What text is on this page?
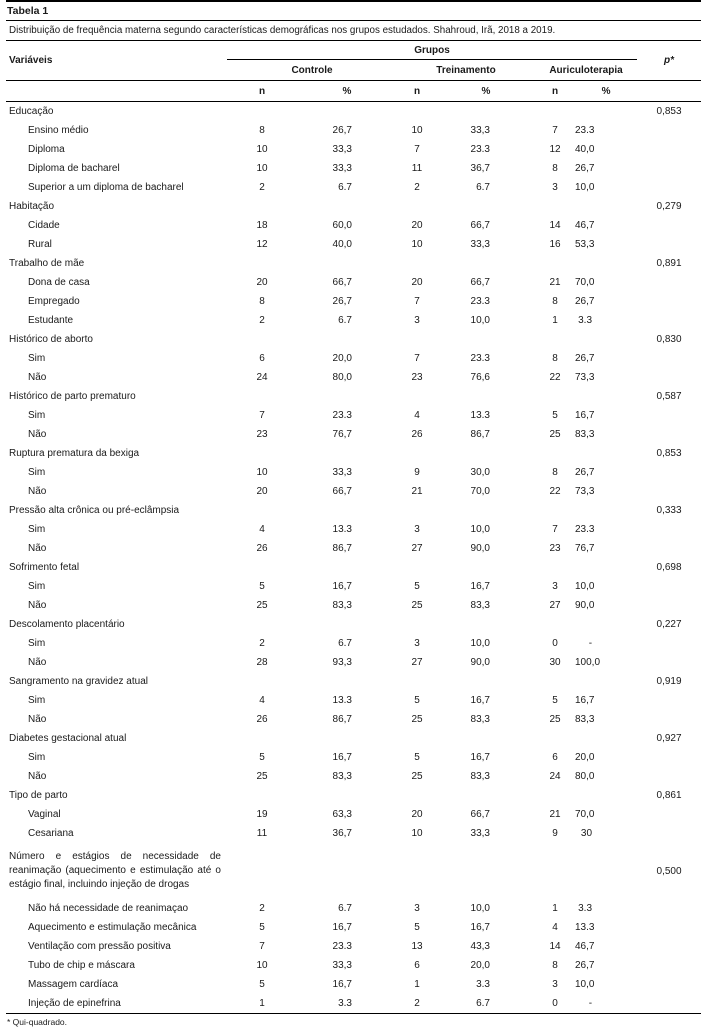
Tabela 1
Distribuição de frequência materna segundo características demográficas nos grupos estudados. Shahroud, Irã, 2018 a 2019.
Variáveis	Grupos						p*
	Controle		Treinamento		Auriculoterapia		
	n	%	n	%	n	%	
Educação							0,853
Ensino médio	8	26,7	10	33,3	7	23.3	
Diploma	10	33,3	7	23.3	12	40,0	
Diploma de bacharel	10	33,3	11	36,7	8	26,7	
Superior a um diploma de bacharel	2	6.7	2	6.7	3	10,0	
Habitação							0,279
Cidade	18	60,0	20	66,7	14	46,7	
Rural	12	40,0	10	33,3	16	53,3	
Trabalho de mãe							0,891
Dona de casa	20	66,7	20	66,7	21	70,0	
Empregado	8	26,7	7	23.3	8	26,7	
Estudante	2	6.7	3	10,0	1	3.3	
Histórico de aborto							0,830
Sim	6	20,0	7	23.3	8	26,7	
Não	24	80,0	23	76,6	22	73,3	
Histórico de parto prematuro							0,587
Sim	7	23.3	4	13.3	5	16,7	
Não	23	76,7	26	86,7	25	83,3	
Ruptura prematura da bexiga							0,853
Sim	10	33,3	9	30,0	8	26,7	
Não	20	66,7	21	70,0	22	73,3	
Pressão alta crônica ou pré-eclâmpsia							0,333
Sim	4	13.3	3	10,0	7	23.3	
Não	26	86,7	27	90,0	23	76,7	
Sofrimento fetal							0,698
Sim	5	16,7	5	16,7	3	10,0	
Não	25	83,3	25	83,3	27	90,0	
Descolamento placentário							0,227
Sim	2	6.7	3	10,0	0	-	
Não	28	93,3	27	90,0	30	100,0	
Sangramento na gravidez atual							0,919
Sim	4	13.3	5	16,7	5	16,7	
Não	26	86,7	25	83,3	25	83,3	
Diabetes gestacional atual							0,927
Sim	5	16,7	5	16,7	6	20,0	
Não	25	83,3	25	83,3	24	80,0	
Tipo de parto							0,861
Vaginal	19	63,3	20	66,7	21	70,0	
Cesariana	11	36,7	10	33,3	9	30	
Número e estágios de necessidade de reanimação (aquecimento e estimulação até o estágio final, incluindo injeção de drogas							0,500
Não há necessidade de reanimaçao	2	6.7	3	10,0	1	3.3	
Aquecimento e estimulação mecânica	5	16,7	5	16,7	4	13.3	
Ventilação com pressão positiva	7	23.3	13	43,3	14	46,7	
Tubo de chip e máscara	10	33,3	6	20,0	8	26,7	
Massagem cardíaca	5	16,7	1	3.3	3	10,0	
Injeção de epinefrina	1	3.3	2	6.7	0	-	
* Qui-quadrado.
